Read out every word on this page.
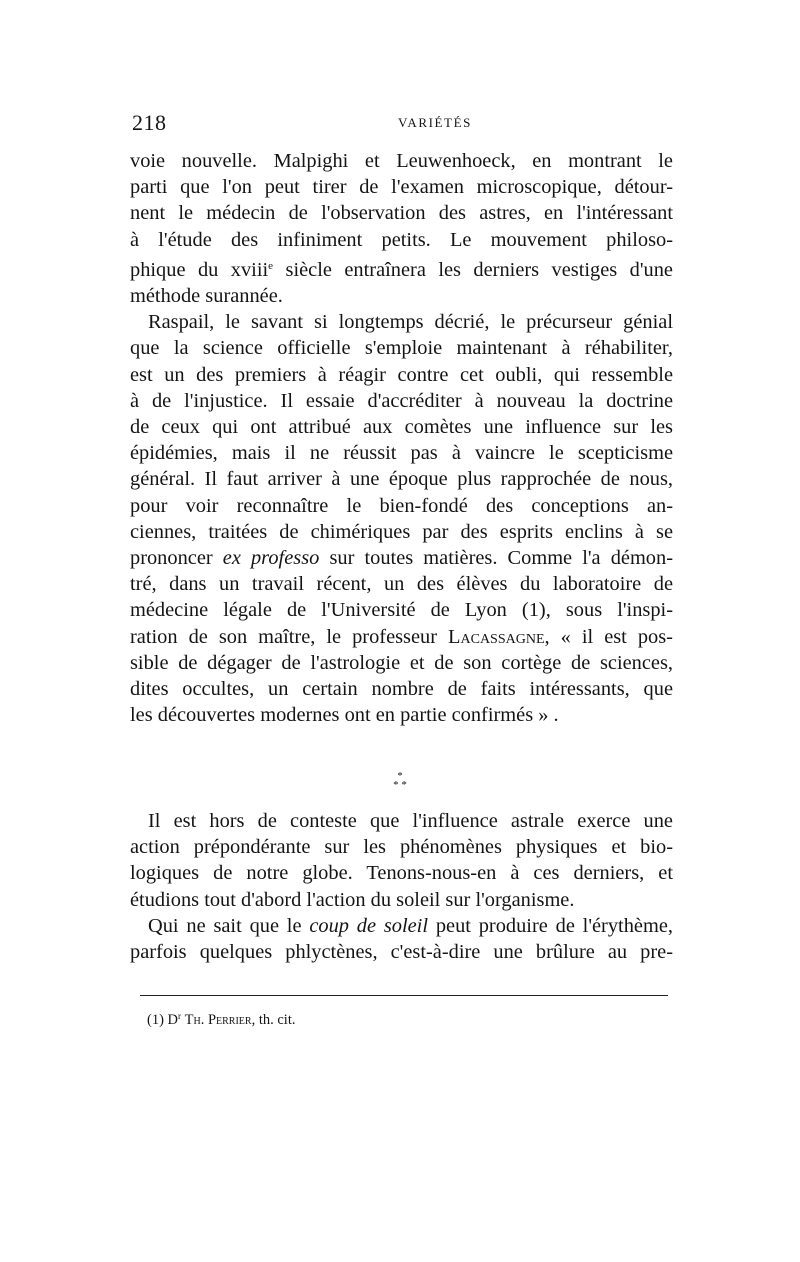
218	VARIÉTÉS

voie nouvelle. Malpighi et Leuwenhoeck, en montrant le

parti que l'on peut tirer de l'examen microscopique, détour-

nent le médecin de l'observation des astres, en l'intéressant

à l'étude des infiniment petits. Le mouvement philoso-

phique du xviii$^e$ siècle entraînera les derniers vestiges d'une

méthode surannée.

Raspail, le savant si longtemps décrié, le précurseur génial

que la science officielle s'emploie maintenant à réhabiliter,

est un des premiers à réagir contre cet oubli, qui ressemble

à de l'injustice. Il essaie d'accréditer à nouveau la doctrine

de ceux qui ont attribué aux comètes une influence sur les

épidémies, mais il ne réussit pas à vaincre le scepticisme

général. Il faut arriver à une époque plus rapprochée de nous,

pour voir reconnaître le bien-fondé des conceptions an-

ciennes, traitées de chimériques par des esprits enclins à se

prononcer ex professo sur toutes matières. Comme l'a démon-

tré, dans un travail récent, un des élèves du laboratoire de

médecine légale de l'Université de Lyon (1), sous l'inspi-

ration de son maître, le professeur Lacassagne, « il est pos-

sible de dégager de l'astrologie et de son cortège de sciences,

dites occultes, un certain nombre de faits intéressants, que

les découvertes modernes ont en partie confirmés » .

*
* *

Il est hors de conteste que l'influence astrale exerce une

action prépondérante sur les phénomènes physiques et bio-

logiques de notre globe. Tenons-nous-en à ces derniers, et

étudions tout d'abord l'action du soleil sur l'organisme.

Qui ne sait que le coup de soleil peut produire de l'érythème,

parfois quelques phlyctènes, c'est-à-dire une brûlure au pre-

(1) $D^r$ Th. Perrier, th. cit.
